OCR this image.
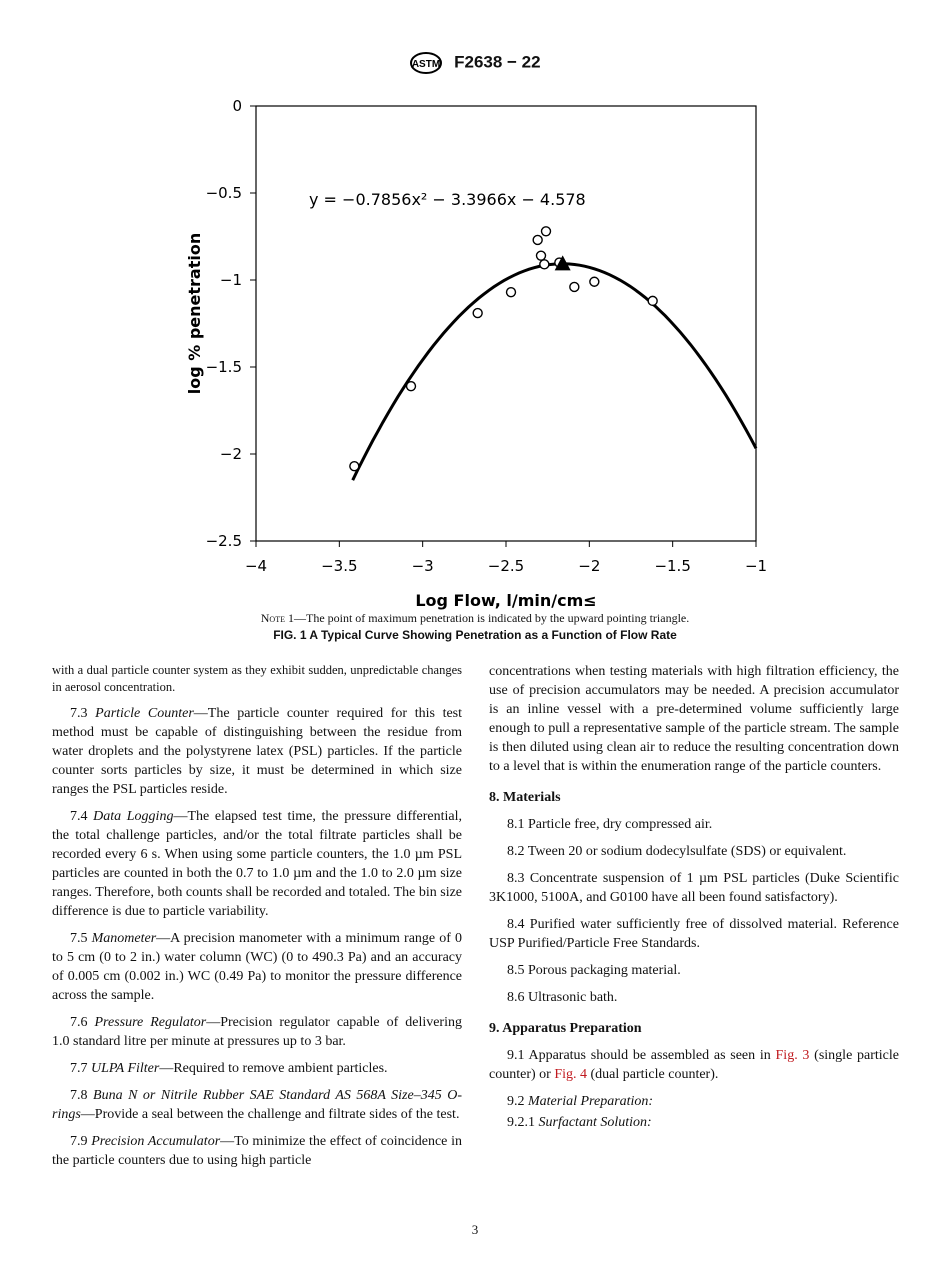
ASTM F2638 − 22
−4	−3.5	−3	−2.5	−2	−1.5	−1
0
−0.5
−1
−1.5
−2
−2.5
Log Flow, l/min/cm≤
log % penetration
y = −0.7856x² − 3.3966x − 4.578
Note 1—The point of maximum penetration is indicated by the upward pointing triangle.
FIG. 1 A Typical Curve Showing Penetration as a Function of Flow Rate

with a dual particle counter system as they exhibit sudden, unpredictable changes in aerosol concentration.

7.3 Particle Counter—The particle counter required for this test method must be capable of distinguishing between the residue from water droplets and the polystyrene latex (PSL) particles. If the particle counter sorts particles by size, it must be determined in which size ranges the PSL particles reside.

7.4 Data Logging—The elapsed test time, the pressure differential, the total challenge particles, and/or the total filtrate particles shall be recorded every 6 s. When using some particle counters, the 1.0 µm PSL particles are counted in both the 0.7 to 1.0 µm and the 1.0 to 2.0 µm size ranges. Therefore, both counts shall be recorded and totaled. The bin size difference is due to particle variability.

7.5 Manometer—A precision manometer with a minimum range of 0 to 5 cm (0 to 2 in.) water column (WC) (0 to 490.3 Pa) and an accuracy of 0.005 cm (0.002 in.) WC (0.49 Pa) to monitor the pressure difference across the sample.

7.6 Pressure Regulator—Precision regulator capable of delivering 1.0 standard litre per minute at pressures up to 3 bar.

7.7 ULPA Filter—Required to remove ambient particles.

7.8 Buna N or Nitrile Rubber SAE Standard AS 568A Size–345 O-rings—Provide a seal between the challenge and filtrate sides of the test.

7.9 Precision Accumulator—To minimize the effect of coincidence in the particle counters due to using high particle

concentrations when testing materials with high filtration efficiency, the use of precision accumulators may be needed. A precision accumulator is an inline vessel with a pre-determined volume sufficiently large enough to pull a representative sample of the particle stream. The sample is then diluted using clean air to reduce the resulting concentration down to a level that is within the enumeration range of the particle counters.

8. Materials

8.1 Particle free, dry compressed air.

8.2 Tween 20 or sodium dodecylsulfate (SDS) or equivalent.

8.3 Concentrate suspension of 1 µm PSL particles (Duke Scientific 3K1000, 5100A, and G0100 have all been found satisfactory).

8.4 Purified water sufficiently free of dissolved material. Reference USP Purified/Particle Free Standards.

8.5 Porous packaging material.

8.6 Ultrasonic bath.

9. Apparatus Preparation

9.1 Apparatus should be assembled as seen in Fig. 3 (single particle counter) or Fig. 4 (dual particle counter).

9.2 Material Preparation:

9.2.1 Surfactant Solution:

3
